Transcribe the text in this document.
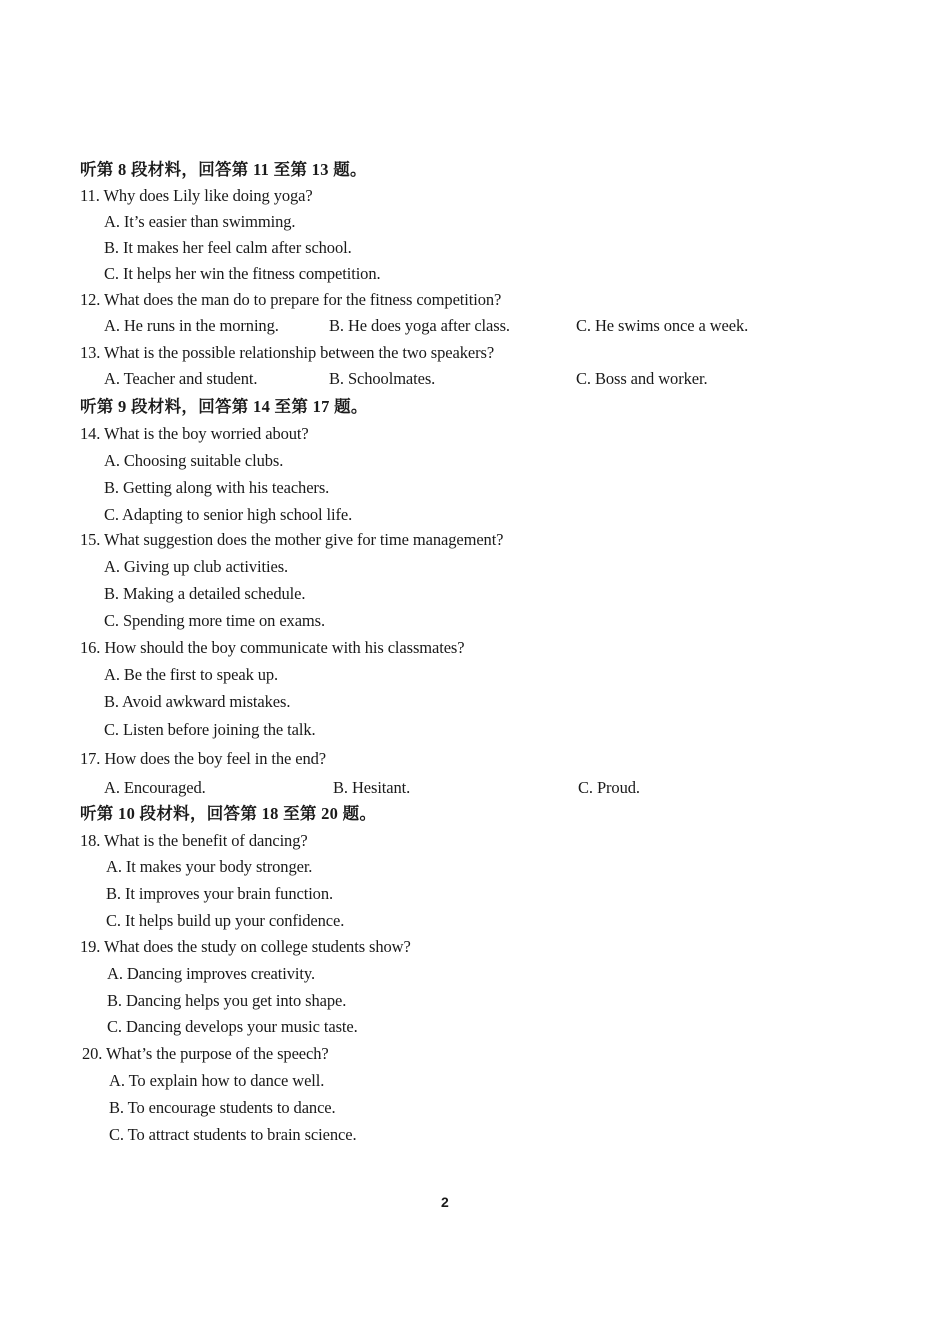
听第 8 段材料，回答第 11 至第 13 题。
11. Why does Lily like doing yoga?
A. It’s easier than swimming.
B. It makes her feel calm after school.
C. It helps her win the fitness competition.
12. What does the man do to prepare for the fitness competition?
A. He runs in the morning.	B. He does yoga after class.	C. He swims once a week.
13. What is the possible relationship between the two speakers?
A. Teacher and student.	B. Schoolmates.	C. Boss and worker.
听第 9 段材料，回答第 14 至第 17 题。
14. What is the boy worried about?
A. Choosing suitable clubs.
B. Getting along with his teachers.
C. Adapting to senior high school life.
15. What suggestion does the mother give for time management?
A. Giving up club activities.
B. Making a detailed schedule.
C. Spending more time on exams.
16. How should the boy communicate with his classmates?
A. Be the first to speak up.
B. Avoid awkward mistakes.
C. Listen before joining the talk.
17. How does the boy feel in the end?
A. Encouraged.	B. Hesitant.	C. Proud.
听第 10 段材料，回答第 18 至第 20 题。
18. What is the benefit of dancing?
A. It makes your body stronger.
B. It improves your brain function.
C. It helps build up your confidence.
19. What does the study on college students show?
A. Dancing improves creativity.
B. Dancing helps you get into shape.
C. Dancing develops your music taste.
20. What’s the purpose of the speech?
A. To explain how to dance well.
B. To encourage students to dance.
C. To attract students to brain science.
2
